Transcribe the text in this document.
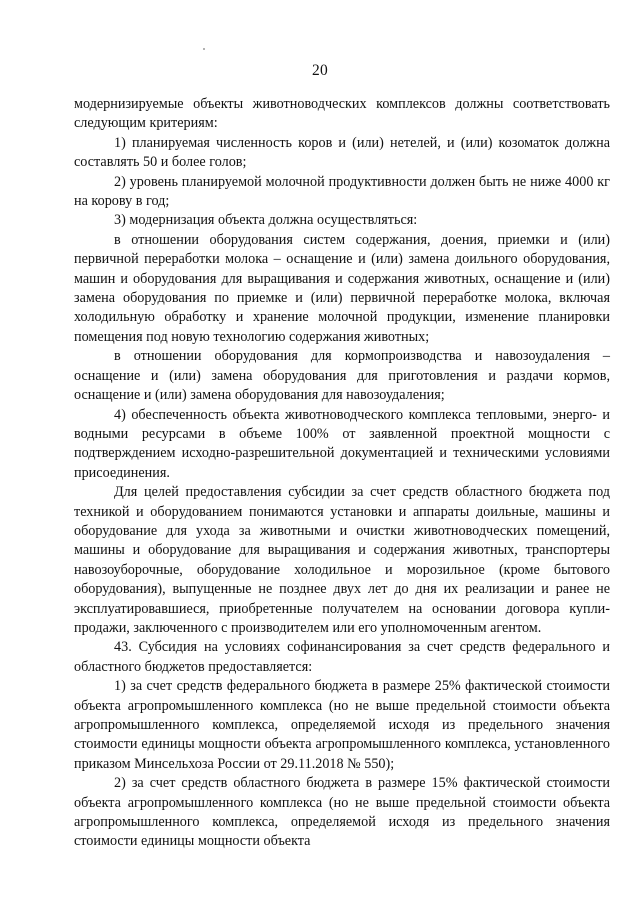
20

модернизируемые объекты животноводческих комплексов должны соответствовать следующим критериям:

1) планируемая численность коров и (или) нетелей, и (или) козоматок должна составлять 50 и более голов;

2) уровень планируемой молочной продуктивности должен быть не ниже 4000 кг на корову в год;

3) модернизация объекта должна осуществляться:

в отношении оборудования систем содержания, доения, приемки и (или) первичной переработки молока – оснащение и (или) замена доильного оборудования, машин и оборудования для выращивания и содержания животных, оснащение и (или) замена оборудования по приемке и (или) первичной переработке молока, включая холодильную обработку и хранение молочной продукции, изменение планировки помещения под новую технологию содержания животных;

в отношении оборудования для кормопроизводства и навозоудаления – оснащение и (или) замена оборудования для приготовления и раздачи кормов, оснащение и (или) замена оборудования для навозоудаления;

4) обеспеченность объекта животноводческого комплекса тепловыми, энерго- и водными ресурсами в объеме 100% от заявленной проектной мощности с подтверждением исходно-разрешительной документацией и техническими условиями присоединения.

Для целей предоставления субсидии за счет средств областного бюджета под техникой и оборудованием понимаются установки и аппараты доильные, машины и оборудование для ухода за животными и очистки животноводческих помещений, машины и оборудование для выращивания и содержания животных, транспортеры навозоуборочные, оборудование холодильное и морозильное (кроме бытового оборудования), выпущенные не позднее двух лет до дня их реализации и ранее не эксплуатировавшиеся, приобретенные получателем на основании договора купли-продажи, заключенного с производителем или его уполномоченным агентом.

43. Субсидия на условиях софинансирования за счет средств федерального и областного бюджетов предоставляется:

1) за счет средств федерального бюджета в размере 25% фактической стоимости объекта агропромышленного комплекса (но не выше предельной стоимости объекта агропромышленного комплекса, определяемой исходя из предельного значения стоимости единицы мощности объекта агропромышленного комплекса, установленного приказом Минсельхоза России от 29.11.2018 № 550);

2) за счет средств областного бюджета в размере 15% фактической стоимости объекта агропромышленного комплекса (но не выше предельной стоимости объекта агропромышленного комплекса, определяемой исходя из предельного значения стоимости единицы мощности объекта
